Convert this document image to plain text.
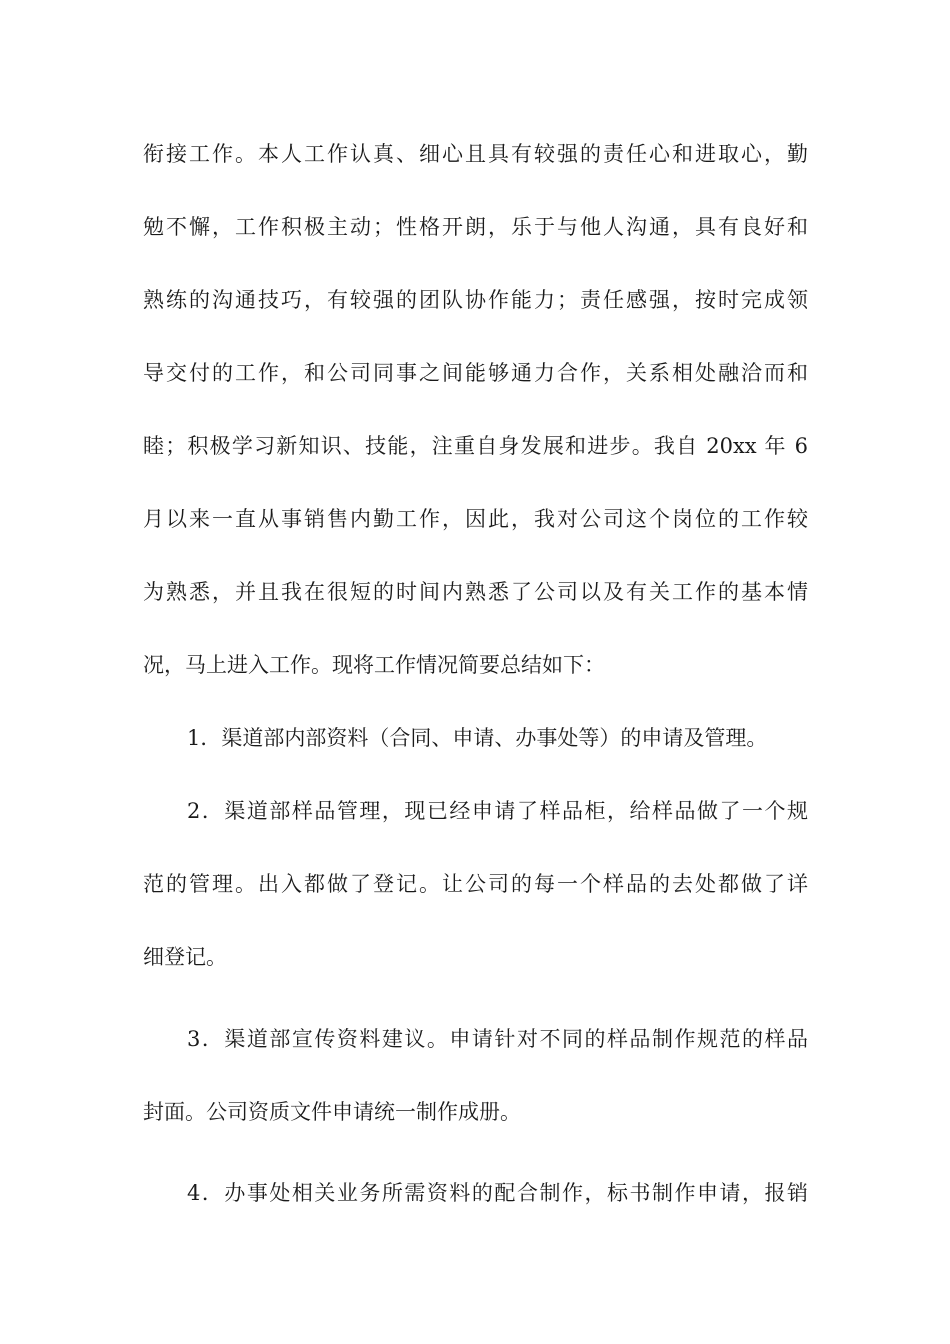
衔接工作。本人工作认真、细心且具有较强的责任心和进取心，勤
勉不懈，工作积极主动；性格开朗，乐于与他人沟通，具有良好和
熟练的沟通技巧，有较强的团队协作能力；责任感强，按时完成领
导交付的工作，和公司同事之间能够通力合作，关系相处融洽而和
睦；积极学习新知识、技能，注重自身发展和进步。我自 20xx 年 6
月以来一直从事销售内勤工作，因此，我对公司这个岗位的工作较
为熟悉，并且我在很短的时间内熟悉了公司以及有关工作的基本情
况，马上进入工作。现将工作情况简要总结如下：
1．渠道部内部资料（合同、申请、办事处等）的申请及管理。
2．渠道部样品管理，现已经申请了样品柜，给样品做了一个规
范的管理。出入都做了登记。让公司的每一个样品的去处都做了详
细登记。
3．渠道部宣传资料建议。申请针对不同的样品制作规范的样品
封面。公司资质文件申请统一制作成册。
4．办事处相关业务所需资料的配合制作，标书制作申请，报销
